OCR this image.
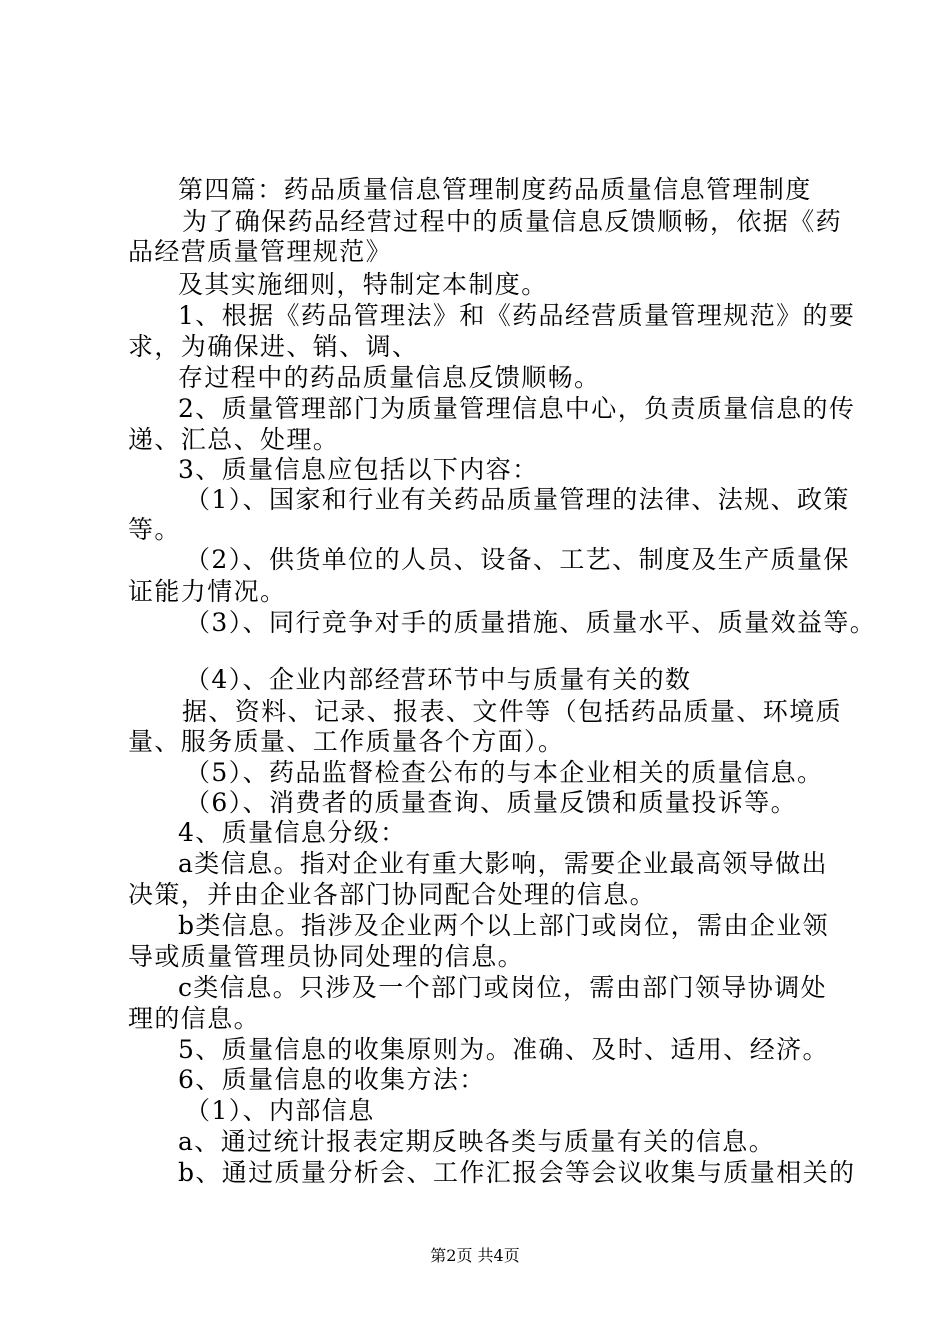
第四篇：药品质量信息管理制度药品质量信息管理制度
为了确保药品经营过程中的质量信息反馈顺畅，依据《药
品经营质量管理规范》
及其实施细则，特制定本制度。
1、根据《药品管理法》和《药品经营质量管理规范》的要
求，为确保进、销、调、
存过程中的药品质量信息反馈顺畅。
2、质量管理部门为质量管理信息中心，负责质量信息的传
递、汇总、处理。
3、质量信息应包括以下内容：
（1）、国家和行业有关药品质量管理的法律、法规、政策
等。
（2）、供货单位的人员、设备、工艺、制度及生产质量保
证能力情况。
（3）、同行竞争对手的质量措施、质量水平、质量效益等。
（4）、企业内部经营环节中与质量有关的数
据、资料、记录、报表、文件等（包括药品质量、环境质
量、服务质量、工作质量各个方面）。
（5）、药品监督检查公布的与本企业相关的质量信息。
（6）、消费者的质量查询、质量反馈和质量投诉等。
4、质量信息分级：
a类信息。指对企业有重大影响，需要企业最高领导做出
决策，并由企业各部门协同配合处理的信息。
b类信息。指涉及企业两个以上部门或岗位，需由企业领
导或质量管理员协同处理的信息。
c类信息。只涉及一个部门或岗位，需由部门领导协调处
理的信息。
5、质量信息的收集原则为。准确、及时、适用、经济。
6、质量信息的收集方法：
（1）、内部信息
a、通过统计报表定期反映各类与质量有关的信息。
b、通过质量分析会、工作汇报会等会议收集与质量相关的
第2页 共4页
